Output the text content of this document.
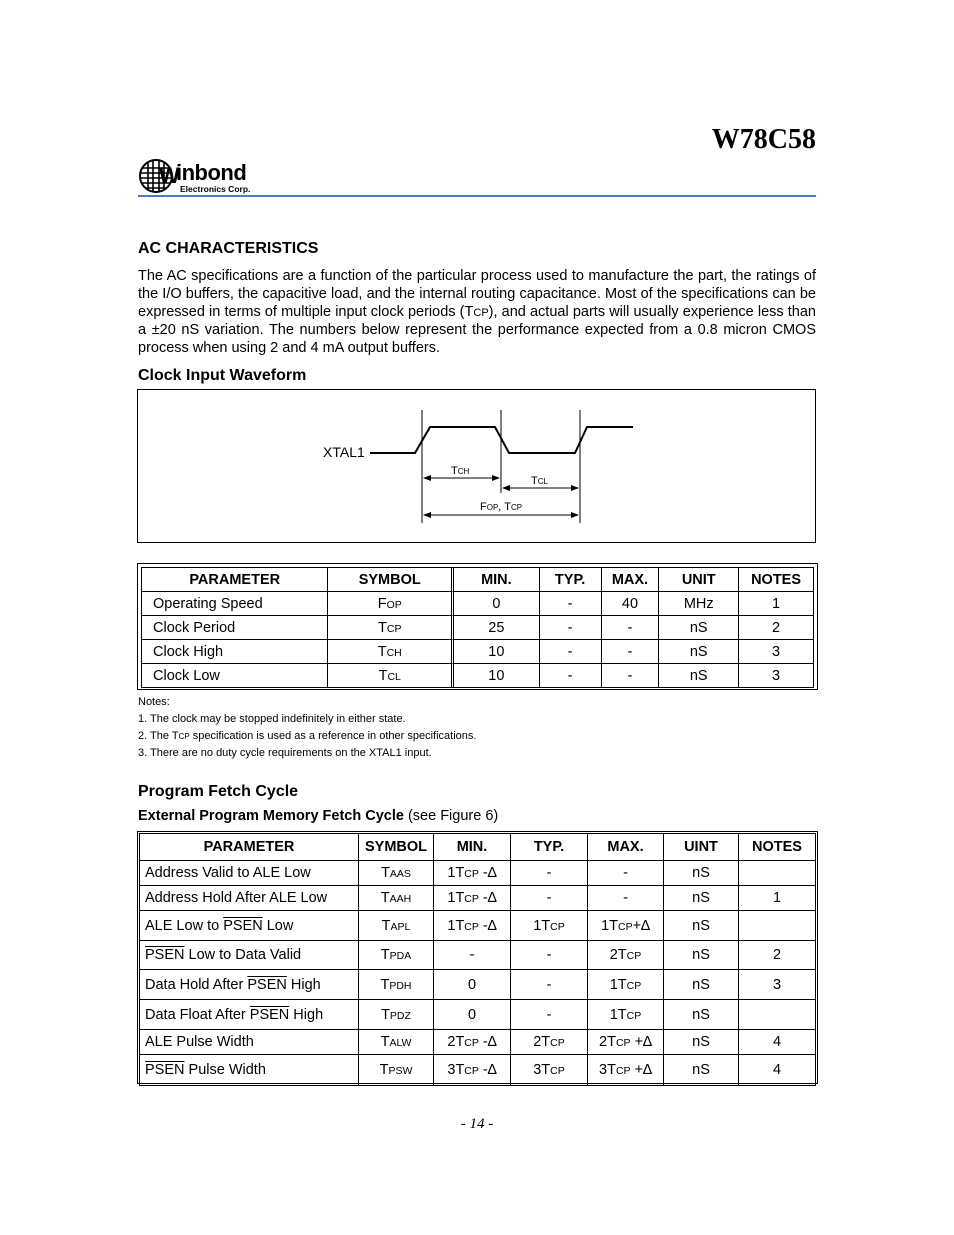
W78C58
W
inbond
Electronics Corp.
AC CHARACTERISTICS

The AC specifications are a function of the particular process used to manufacture the part, the ratings of the I/O buffers, the capacitive load, and the internal routing capacitance. Most of the specifications can be expressed in terms of multiple input clock periods (TCP), and actual parts will usually experience less than a ±20 nS variation. The numbers below represent the performance expected from a 0.8 micron CMOS process when using 2 and 4 mA output buffers.

Clock Input Waveform
XTAL1
TCH
TCL
FOP, TCP
PARAMETER	SYMBOL	MIN.	TYP.	MAX.	UNIT	NOTES
Operating Speed	FOP	0	-	40	MHz	1
Clock Period	TCP	25	-	-	nS	2
Clock High	TCH	10	-	-	nS	3
Clock Low	TCL	10	-	-	nS	3
Notes:
1. The clock may be stopped indefinitely in either state.
2. The TCP specification is used as a reference in other specifications.
3. There are no duty cycle requirements on the XTAL1 input.
Program Fetch Cycle

External Program Memory Fetch Cycle (see Figure 6)

PARAMETER	SYMBOL	MIN.	TYP.	MAX.	UINT	NOTES
Address Valid to ALE Low	TAAS	1TCP -∆	-	-	nS	
Address Hold After ALE Low	TAAH	1TCP -∆	-	-	nS	1
ALE Low to PSEN Low	TAPL	1TCP -∆	1TCP	1TCP+∆	nS	
PSEN Low to Data Valid	TPDA	-	-	2TCP	nS	2
Data Hold After PSEN High	TPDH	0	-	1TCP	nS	3
Data Float After PSEN High	TPDZ	0	-	1TCP	nS	
ALE Pulse Width	TALW	2TCP -∆	2TCP	2TCP +∆	nS	4
PSEN Pulse Width	TPSW	3TCP -∆	3TCP	3TCP +∆	nS	4
- 14 -
